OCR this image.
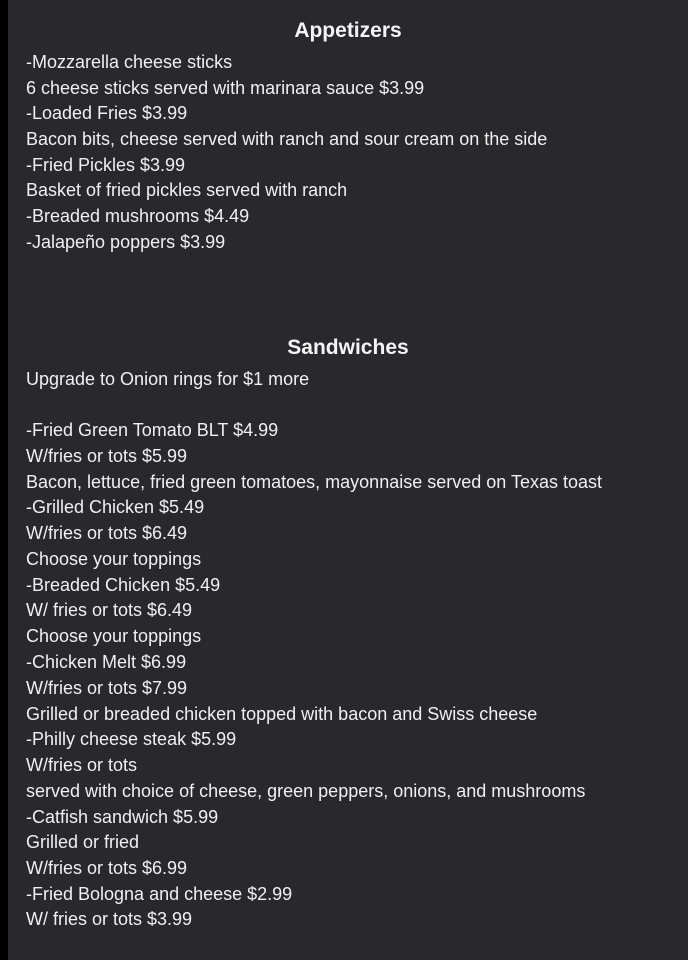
Appetizers

-Mozzarella cheese sticks

6 cheese sticks served with marinara sauce $3.99

-Loaded Fries $3.99

Bacon bits, cheese served with ranch and sour cream on the side

-Fried Pickles $3.99

Basket of fried pickles served with ranch

-Breaded mushrooms $4.49

-Jalapeño poppers $3.99

Sandwiches

Upgrade to Onion rings for $1 more

-Fried Green Tomato BLT $4.99

W/fries or tots $5.99

Bacon, lettuce, fried green tomatoes, mayonnaise served on Texas toast

-Grilled Chicken $5.49

W/fries or tots $6.49

Choose your toppings

-Breaded Chicken $5.49

W/ fries or tots $6.49

Choose your toppings

-Chicken Melt $6.99

W/fries or tots $7.99

Grilled or breaded chicken topped with bacon and Swiss cheese

-Philly cheese steak $5.99

W/fries or tots

served with choice of cheese, green peppers, onions, and mushrooms

-Catfish sandwich $5.99

Grilled or fried

W/fries or tots $6.99

-Fried Bologna and cheese $2.99

W/ fries or tots $3.99
